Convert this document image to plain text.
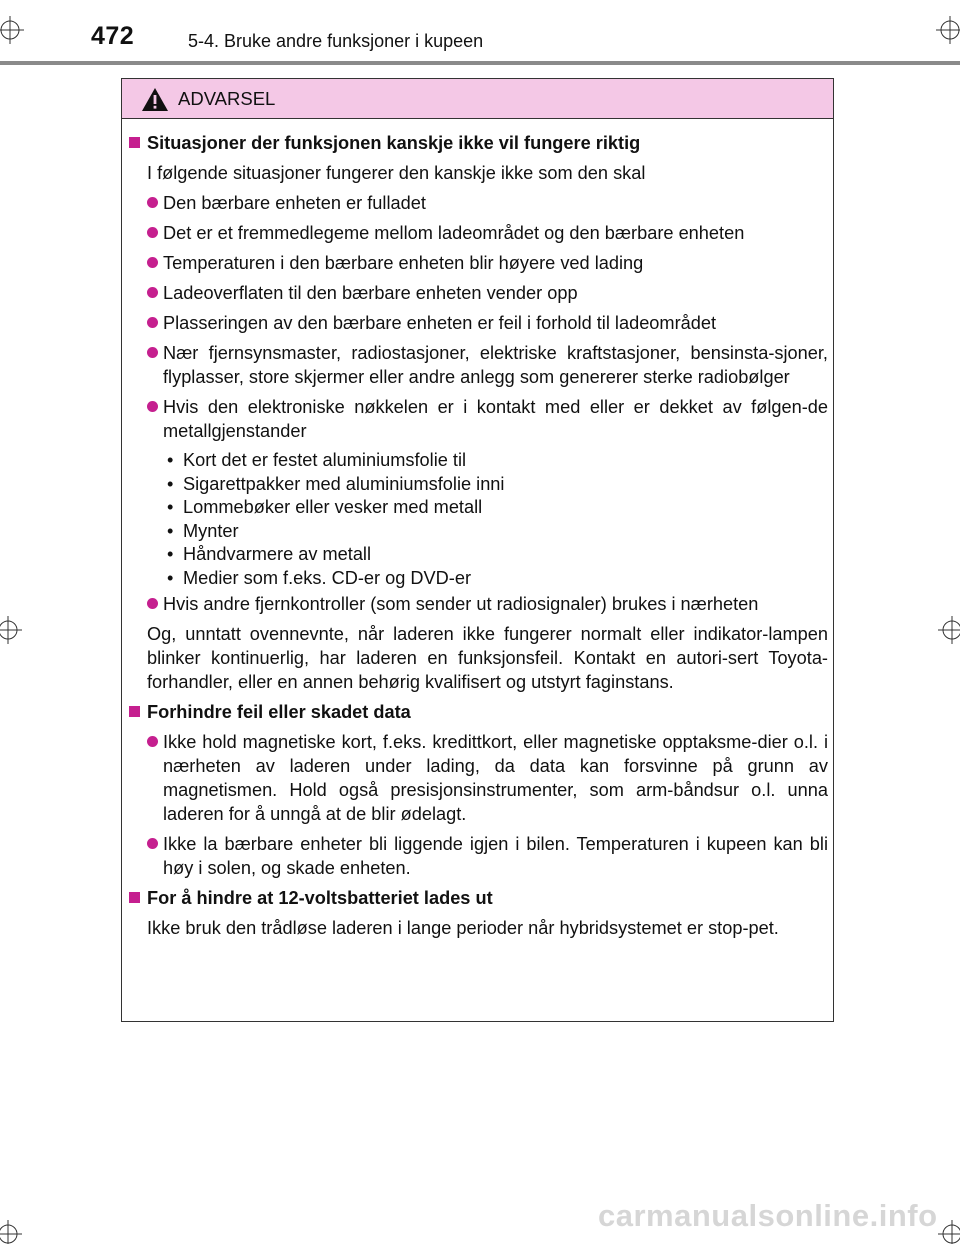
472	5-4. Bruke andre funksjoner i kupeen
ADVARSEL
Situasjoner der funksjonen kanskje ikke vil fungere riktig
I følgende situasjoner fungerer den kanskje ikke som den skal
Den bærbare enheten er fulladet
Det er et fremmedlegeme mellom ladeområdet og den bærbare enheten
Temperaturen i den bærbare enheten blir høyere ved lading
Ladeoverflaten til den bærbare enheten vender opp
Plasseringen av den bærbare enheten er feil i forhold til ladeområdet
Nær fjernsynsmaster, radiostasjoner, elektriske kraftstasjoner, bensinsta-sjoner, flyplasser, store skjermer eller andre anlegg som genererer sterke radiobølger
Hvis den elektroniske nøkkelen er i kontakt med eller er dekket av følgen-de metallgjenstander
• Kort det er festet aluminiumsfolie til
• Sigarettpakker med aluminiumsfolie inni
• Lommebøker eller vesker med metall
• Mynter
• Håndvarmere av metall
• Medier som f.eks. CD-er og DVD-er
Hvis andre fjernkontroller (som sender ut radiosignaler) brukes i nærheten
Og, unntatt ovennevnte, når laderen ikke fungerer normalt eller indikator-lampen blinker kontinuerlig, har laderen en funksjonsfeil. Kontakt en autori-sert Toyota-forhandler, eller en annen behørig kvalifisert og utstyrt faginstans.
Forhindre feil eller skadet data
Ikke hold magnetiske kort, f.eks. kredittkort, eller magnetiske opptaksme-dier o.l. i nærheten av laderen under lading, da data kan forsvinne på grunn av magnetismen. Hold også presisjonsinstrumenter, som arm-båndsur o.l. unna laderen for å unngå at de blir ødelagt.
Ikke la bærbare enheter bli liggende igjen i bilen. Temperaturen i kupeen kan bli høy i solen, og skade enheten.
For å hindre at 12-voltsbatteriet lades ut
Ikke bruk den trådløse laderen i lange perioder når hybridsystemet er stop-pet.
carmanualsonline.info
